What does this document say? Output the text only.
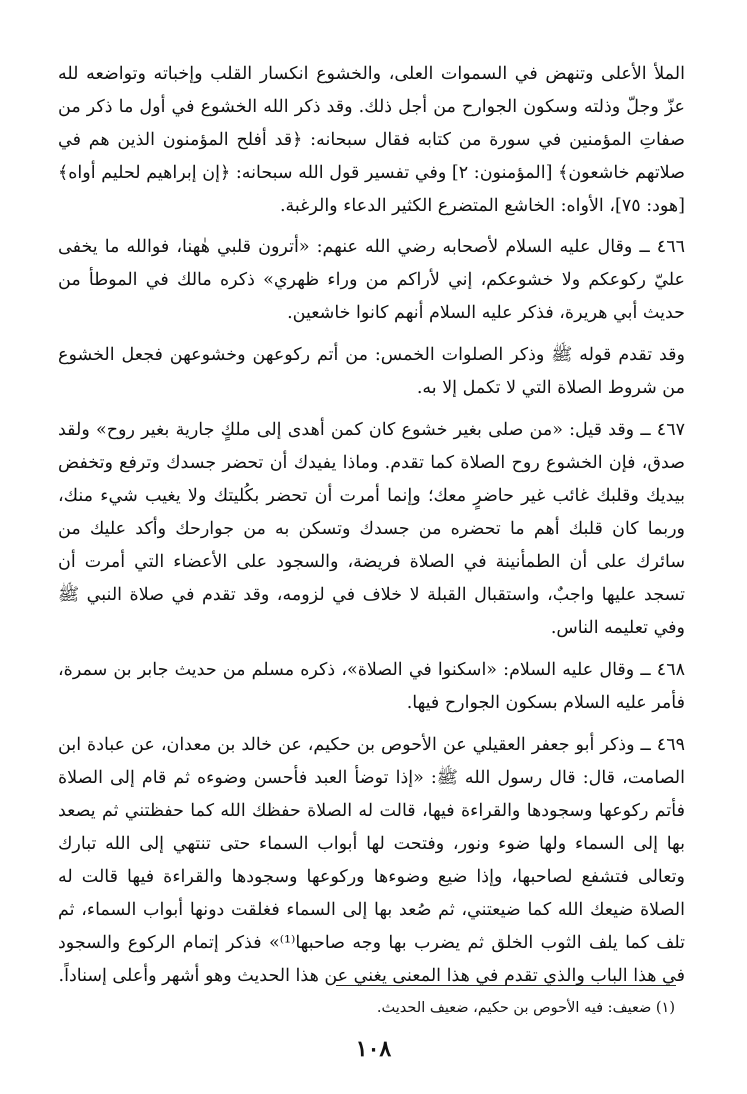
الملأ الأعلى وتنهض في السموات العلى، والخشوع انكسار القلب وإخباته وتواضعه لله عزّ وجلّ وذلته وسكون الجوارح من أجل ذلك. وقد ذكر الله الخشوع في أول ما ذكر من صفاتِ المؤمنين في سورة من كتابه فقال سبحانه: ﴿قد أفلح المؤمنون الذين هم في صلاتهم خاشعون﴾ [المؤمنون: ٢] وفي تفسير قول الله سبحانه: ﴿إن إبراهيم لحليم أواه﴾ [هود: ٧٥]، الأواه: الخاشع المتضرع الكثير الدعاء والرغبة.

٤٦٦ ــ وقال عليه السلام لأصحابه رضي الله عنهم: «أترون قلبي هٰهنا، فوالله ما يخفى عليّ ركوعكم ولا خشوعكم، إني لأراكم من وراء ظهري» ذكره مالك في الموطأ من حديث أبي هريرة، فذكر عليه السلام أنهم كانوا خاشعين.

وقد تقدم قوله ﷺ وذكر الصلوات الخمس: من أتم ركوعهن وخشوعهن فجعل الخشوع من شروط الصلاة التي لا تكمل إلا به.

٤٦٧ ــ وقد قيل: «من صلى بغير خشوع كان كمن أهدى إلى ملكٍ جارية بغير روح» ولقد صدق، فإن الخشوع روح الصلاة كما تقدم. وماذا يفيدك أن تحضر جسدك وترفع وتخفض بيديك وقلبك غائب غير حاضرٍ معك؛ وإنما أمرت أن تحضر بكُليتك ولا يغيب شيء منك، وربما كان قلبك أهم ما تحضره من جسدك وتسكن به من جوارحك وأكد عليك من سائرك على أن الطمأنينة في الصلاة فريضة، والسجود على الأعضاء التي أمرت أن تسجد عليها واجبٌ، واستقبال القبلة لا خلاف في لزومه، وقد تقدم في صلاة النبي ﷺ وفي تعليمه الناس.

٤٦٨ ــ وقال عليه السلام: «اسكنوا في الصلاة»، ذكره مسلم من حديث جابر بن سمرة، فأمر عليه السلام بسكون الجوارح فيها.

٤٦٩ ــ وذكر أبو جعفر العقيلي عن الأحوص بن حكيم، عن خالد بن معدان، عن عبادة ابن الصامت، قال: قال رسول الله ﷺ: «إذا توضأ العبد فأحسن وضوءه ثم قام إلى الصلاة فأتم ركوعها وسجودها والقراءة فيها، قالت له الصلاة حفظك الله كما حفظتني ثم يصعد بها إلى السماء ولها ضوء ونور، وفتحت لها أبواب السماء حتى تنتهي إلى الله تبارك وتعالى فتشفع لصاحبها، وإذا ضيع وضوءها وركوعها وسجودها والقراءة فيها قالت له الصلاة ضيعك الله كما ضيعتني، ثم صُعد بها إلى السماء فغلقت دونها أبواب السماء، ثم تلف كما يلف الثوب الخلق ثم يضرب بها وجه صاحبها⁽¹⁾» فذكر إتمام الركوع والسجود في هذا الباب والذي تقدم في هذا المعنى يغني عن هذا الحديث وهو أشهر وأعلى إسناداً.

(١) ضعيف: فيه الأحوص بن حكيم، ضعيف الحديث.
١٠٨
